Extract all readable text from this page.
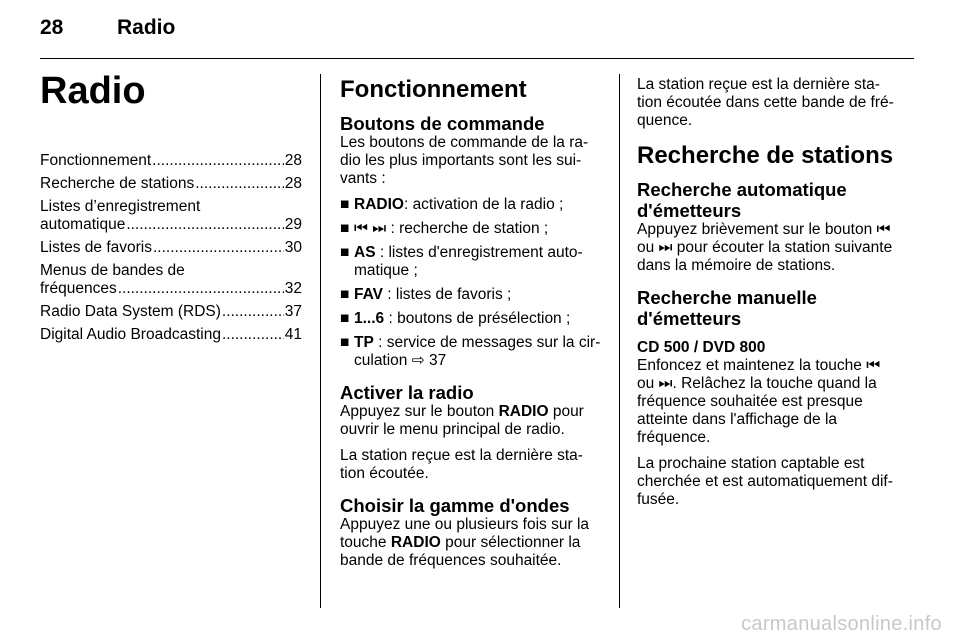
28	Radio
Radio
Fonctionnement .....	28
Recherche de stations .....	28
Listes d’enregistrement
automatique .....	29
Listes de favoris .....	30
Menus de bandes de
fréquences .....	32
Radio Data System (RDS) .....	37
Digital Audio Broadcasting .....	41
Fonctionnement
Boutons de commande

Les boutons de commande de la ra- dio les plus importants sont les sui- vants :

■ RADIO: activation de la radio ;
■ ⏮ ⏭ : recherche de station ;
■ AS : listes d'enregistrement auto- matique ;
■ FAV : listes de favoris ;
■ 1...6 : boutons de présélection ;
■ TP : service de messages sur la cir- culation ⇨ 37
Activer la radio

Appuyez sur le bouton RADIO pour ouvrir le menu principal de radio.

La station reçue est la dernière sta- tion écoutée.

Choisir la gamme d'ondes

Appuyez une ou plusieurs fois sur la touche RADIO pour sélectionner la bande de fréquences souhaitée.

La station reçue est la dernière sta- tion écoutée dans cette bande de fré- quence.

Recherche de stations
Recherche automatique d'émetteurs

Appuyez brièvement sur le bouton ⏮ ou ⏭ pour écouter la station suivante dans la mémoire de stations.

Recherche manuelle d'émetteurs
CD 500 / DVD 800

Enfoncez et maintenez la touche ⏮ ou ⏭. Relâchez la touche quand la fréquence souhaitée est presque atteinte dans l'affichage de la fréquence.

La prochaine station captable est cherchée et est automatiquement dif- fusée.

carmanualsonline.info
